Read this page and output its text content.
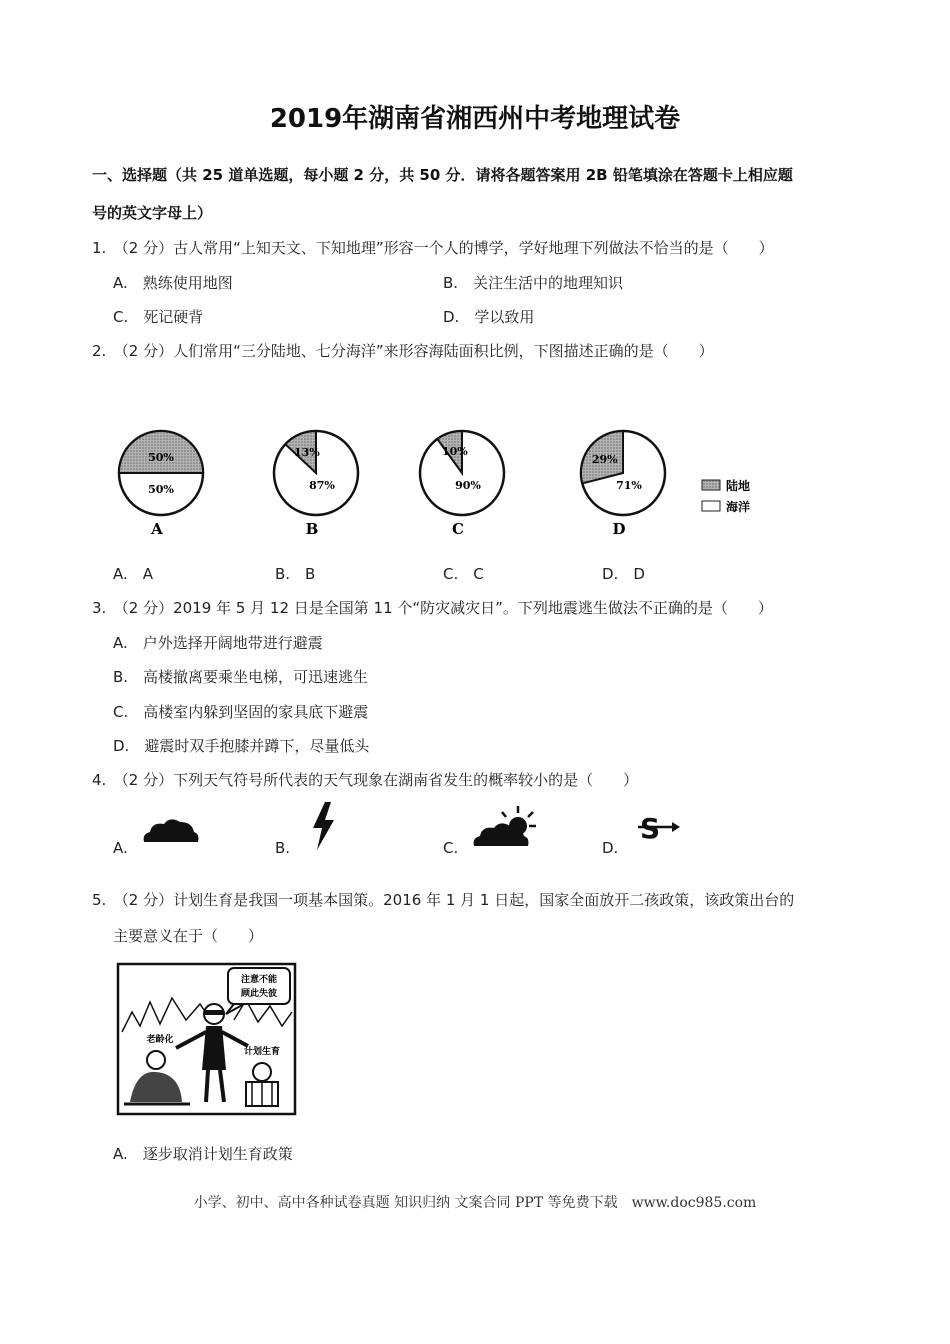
2019年湖南省湘西州中考地理试卷
一、选择题（共 25 道单选题，每小题 2 分，共 50 分．请将各题答案用 2B 铅笔填涂在答题卡上相应题
号的英文字母上）
1.　（2 分）古人常用“上知天文、下知地理”形容一个人的博学，学好地理下列做法不恰当的是（　　）
A.　熟练使用地图	B.　关注生活中的地理知识
C.　死记硬背	D.　学以致用
2.　（2 分）人们常用“三分陆地、七分海洋”来形容海陆面积比例，下图描述正确的是（　　）
50%
50%
A
13%
87%
B
10%
90%
C
29%
71%
D
陆地
海洋
A.　A	B.　B	C.　C	D.　D
3.　（2 分）2019 年 5 月 12 日是全国第 11 个“防灾减灾日”。下列地震逃生做法不正确的是（　　）
A.　户外选择开阔地带进行避震
B.　高楼撤离要乘坐电梯，可迅速逃生
C.　高楼室内躲到坚固的家具底下避震
D.　避震时双手抱膝并蹲下，尽量低头
4.　（2 分）下列天气符号所代表的天气现象在湖南省发生的概率较小的是（　　）
A.	B.	C.	D.
S
5.　（2 分）计划生育是我国一项基本国策。2016 年 1 月 1 日起，国家全面放开二孩政策，该政策出台的
主要意义在于（　　）
注意不能
顾此失彼
老龄化
计划生育
A.　逐步取消计划生育政策
小学、初中、高中各种试卷真题 知识归纳 文案合同 PPT 等免费下载　www.doc985.com
